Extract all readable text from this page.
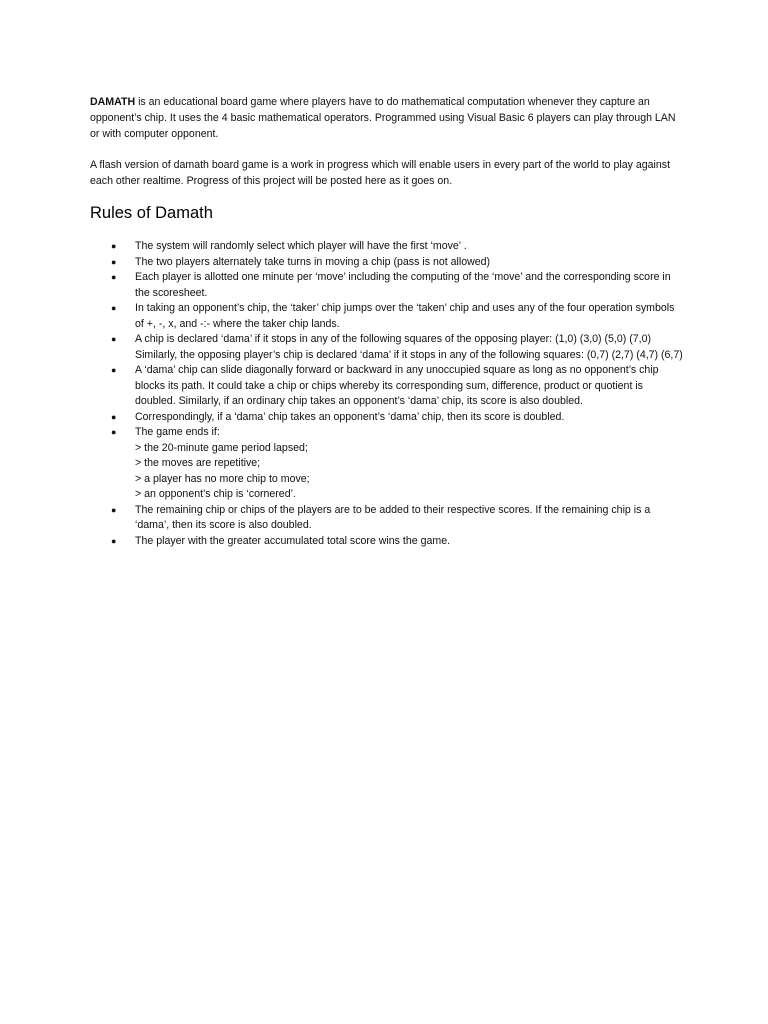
DAMATH is an educational board game where players have to do mathematical computation whenever they capture an opponent’s chip. It uses the 4 basic mathematical operators. Programmed using Visual Basic 6 players can play through LAN or with computer opponent.

A flash version of damath board game is a work in progress which will enable users in every part of the world to play against each other realtime. Progress of this project will be posted here as it goes on.

Rules of Damath
● The system will randomly select which player will have the first ‘move’ .
● The two players alternately take turns in moving a chip (pass is not allowed)
● Each player is allotted one minute per ‘move’ including the computing of the ‘move’ and the corresponding score in the scoresheet.
● In taking an opponent’s chip, the ‘taker’ chip jumps over the ‘taken’ chip and uses any of the four operation symbols of +, -, x, and -:- where the taker chip lands.
● A chip is declared ‘dama’ if it stops in any of the following squares of the opposing player: (1,0) (3,0) (5,0) (7,0) Similarly, the opposing player’s chip is declared ‘dama’ if it stops in any of the following squares: (0,7) (2,7) (4,7) (6,7)
● A ‘dama’ chip can slide diagonally forward or backward in any unoccupied square as long as no opponent’s chip blocks its path. It could take a chip or chips whereby its corresponding sum, difference, product or quotient is doubled. Similarly, if an ordinary chip takes an opponent’s ‘dama’ chip, its score is also doubled.
● Correspondingly, if a ‘dama’ chip takes an opponent’s ‘dama’ chip, then its score is doubled.
● The game ends if:
> the 20-minute game period lapsed;
> the moves are repetitive;
> a player has no more chip to move;
> an opponent’s chip is ‘cornered’.
● The remaining chip or chips of the players are to be added to their respective scores. If the remaining chip is a ‘dama’, then its score is also doubled.
● The player with the greater accumulated total score wins the game.
